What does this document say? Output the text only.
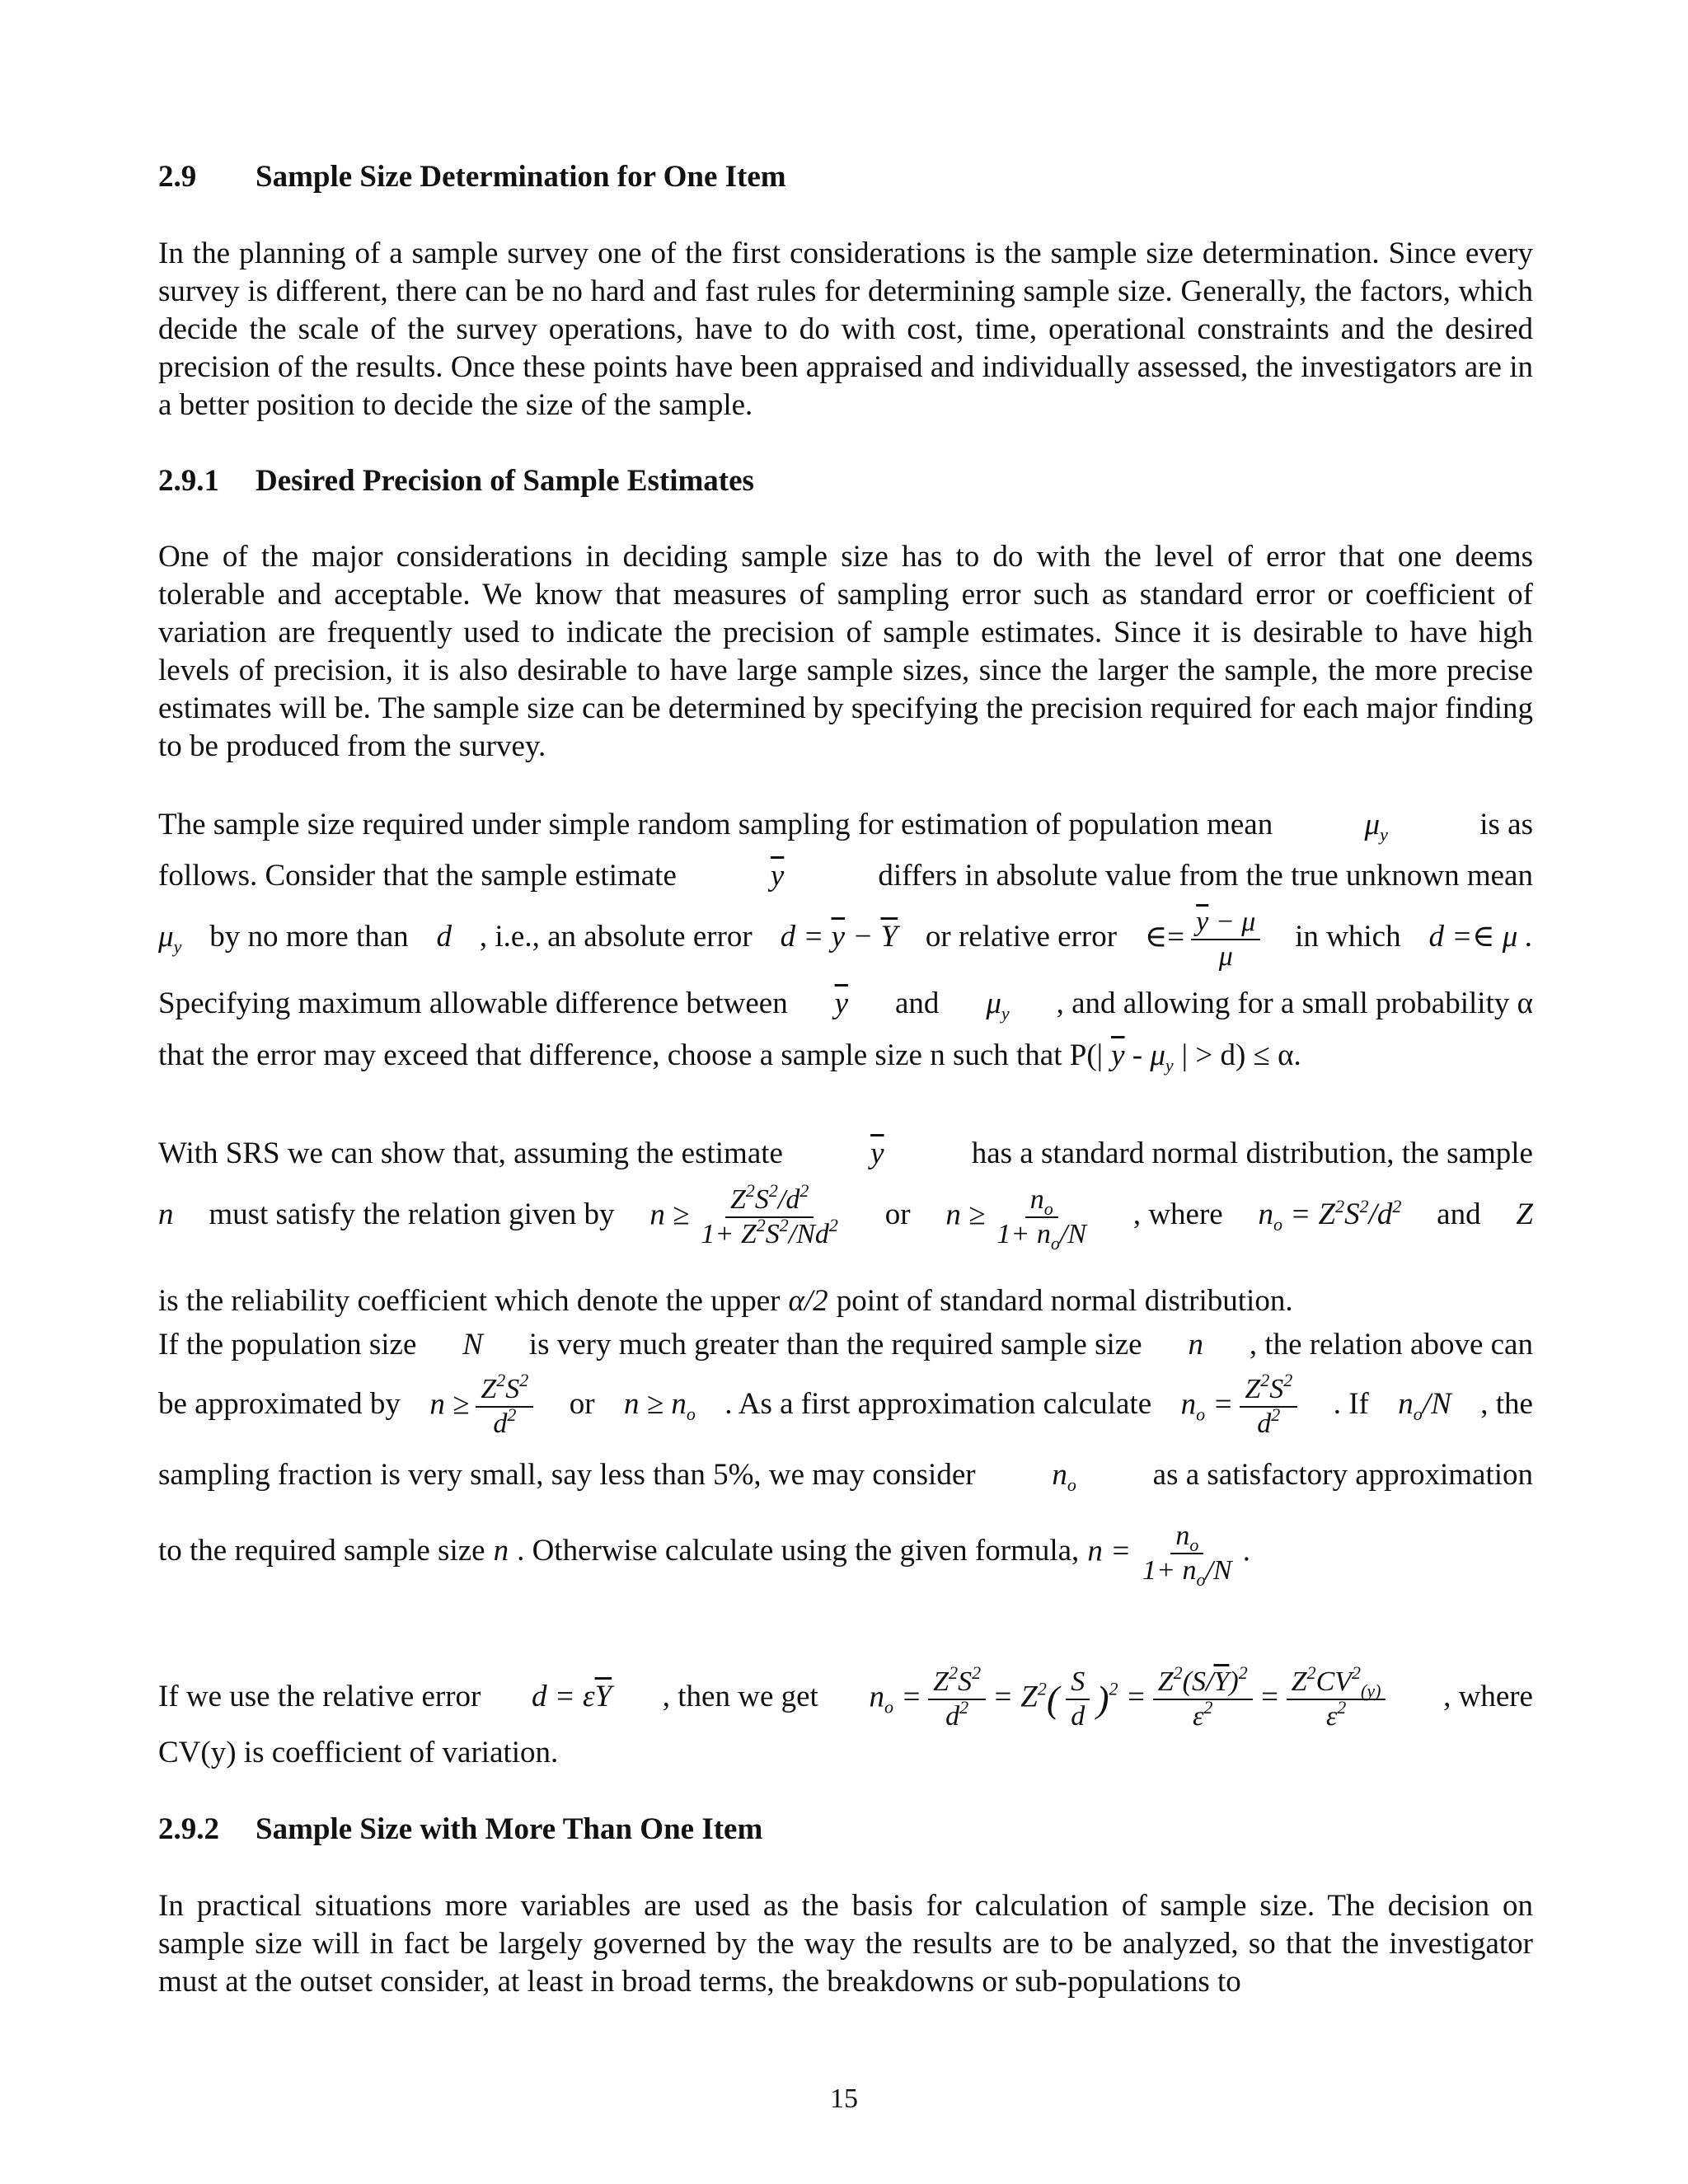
2.9 Sample Size Determination for One Item
In the planning of a sample survey one of the first considerations is the sample size determination. Since every survey is different, there can be no hard and fast rules for determining sample size. Generally, the factors, which decide the scale of the survey operations, have to do with cost, time, operational constraints and the desired precision of the results. Once these points have been appraised and individually assessed, the investigators are in a better position to decide the size of the sample.
2.9.1 Desired Precision of Sample Estimates
One of the major considerations in deciding sample size has to do with the level of error that one deems tolerable and acceptable. We know that measures of sampling error such as standard error or coefficient of variation are frequently used to indicate the precision of sample estimates. Since it is desirable to have high levels of precision, it is also desirable to have large sample sizes, since the larger the sample, the more precise estimates will be. The sample size can be determined by specifying the precision required for each major finding to be produced from the survey.
The sample size required under simple random sampling for estimation of population mean	$\mu_y$	is as
follows. Consider that the sample estimate	$\overline{y}$	differs in absolute value from the true unknown mean
$\mu_y$ by no more than d , i.e., an absolute error $d = \overline{y} - \overline{Y}$ or relative error ∈= $\frac{\overline{y} - \mu}{\mu}$ in which d =∈ μ .
Specifying maximum allowable difference between $\overline{y}$ and $\mu_y$ , and allowing for a small probability α
that the error may exceed that difference, choose a sample size n such that P(| $\overline{y} - \mu_y$ | > d) ≤ α.
With SRS we can show that, assuming the estimate	$\overline{y}$	has a standard normal distribution, the sample
n must satisfy the relation given by $n \ge \frac{Z^2S^2/d^2}{1+ Z^2S^2/Nd^2}$ or $n \ge \frac{n_o}{1+ n_o/N}$ , where $n_o = Z^2S^2/d^2$ and Z
is the reliability coefficient which denote the upper α/2 point of standard normal distribution.
If the population size N is very much greater than the required sample size n , the relation above can
be approximated by $n \ge \frac{Z^2S^2}{d^2}$ or $n \ge n_o$ . As a first approximation calculate $n_o = \frac{Z^2S^2}{d^2}$ . If $n_o/N$ , the
sampling fraction is very small, say less than 5%, we may consider	$n_o$	as a satisfactory approximation
to the required sample size n . Otherwise calculate using the given formula, $n = \frac{n_o}{1+ n_o/N}$ .
If we use the relative error $d = \varepsilon\overline{Y}$ , then we get $n_o = \frac{Z^2S^2}{d^2} = Z^2( \frac{S}{d} )^2 = \frac{Z^2(S/\overline{Y})^2}{\varepsilon^2} = \frac{Z^2CV^2_{(y)}}{\varepsilon^2}$ , where
CV(y) is coefficient of variation.
2.9.2 Sample Size with More Than One Item
In practical situations more variables are used as the basis for calculation of sample size. The decision on sample size will in fact be largely governed by the way the results are to be analyzed, so that the investigator must at the outset consider, at least in broad terms, the breakdowns or sub-populations to
15
